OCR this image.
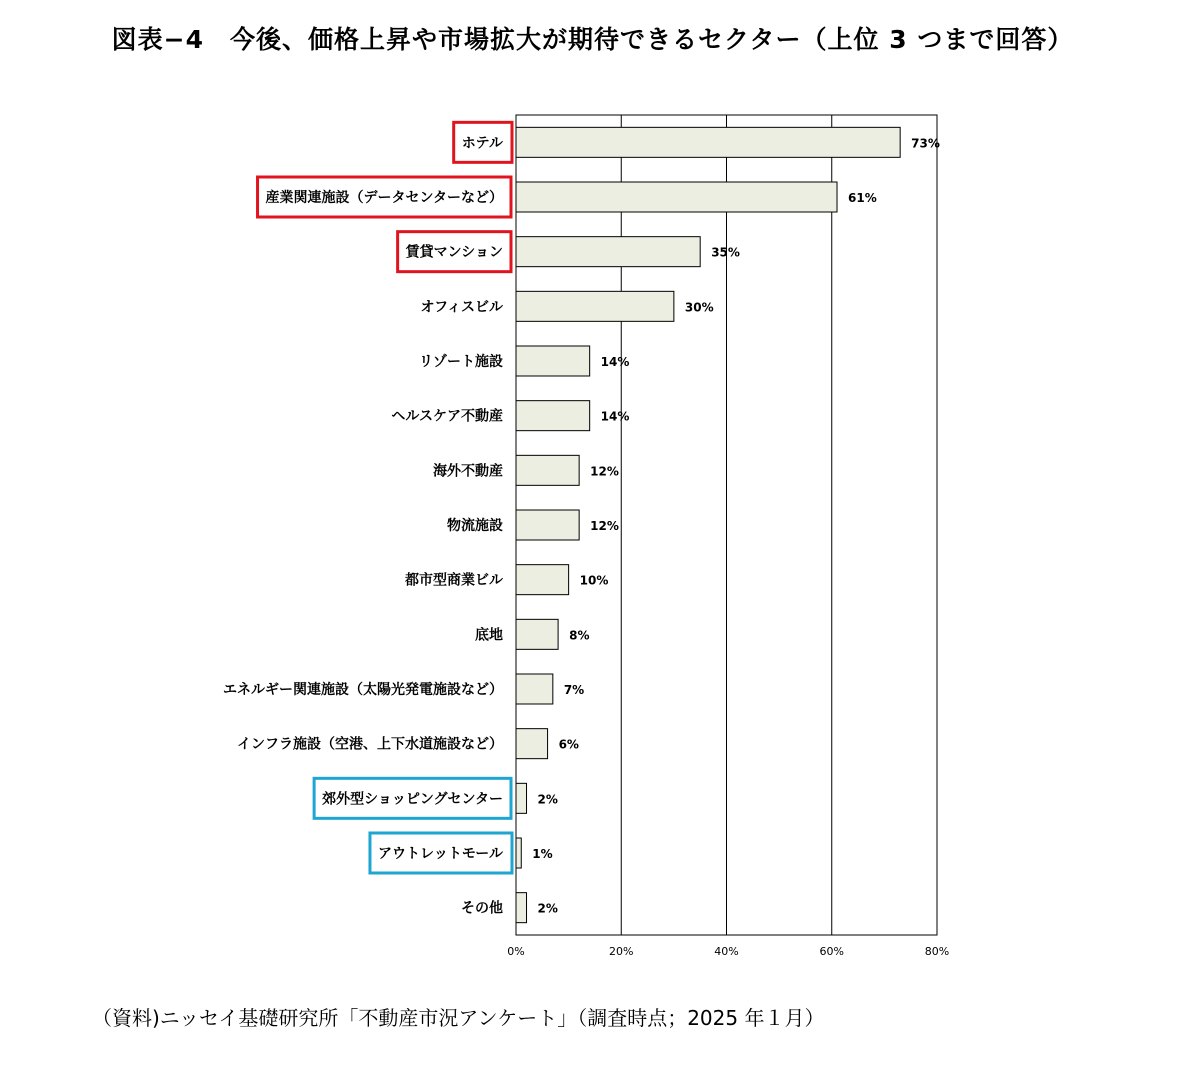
図表−4　今後、価格上昇や市場拡大が期待できるセクター（上位 3 つまで回答）
ホテル	73%
産業関連施設（データセンターなど）	61%
賃貸マンション	35%
オフィスビル	30%
リゾート施設	14%
ヘルスケア不動産	14%
海外不動産	12%
物流施設	12%
都市型商業ビル	10%
底地	8%
エネルギー関連施設（太陽光発電施設など）	7%
インフラ施設（空港、上下水道施設など）	6%
郊外型ショッピングセンター	2%
アウトレットモール 1%
その他	2%
0%	20%	40%	60%	80%
（資料)ニッセイ基礎研究所「不動産市況アンケート」（調査時点；2025 年１月）
